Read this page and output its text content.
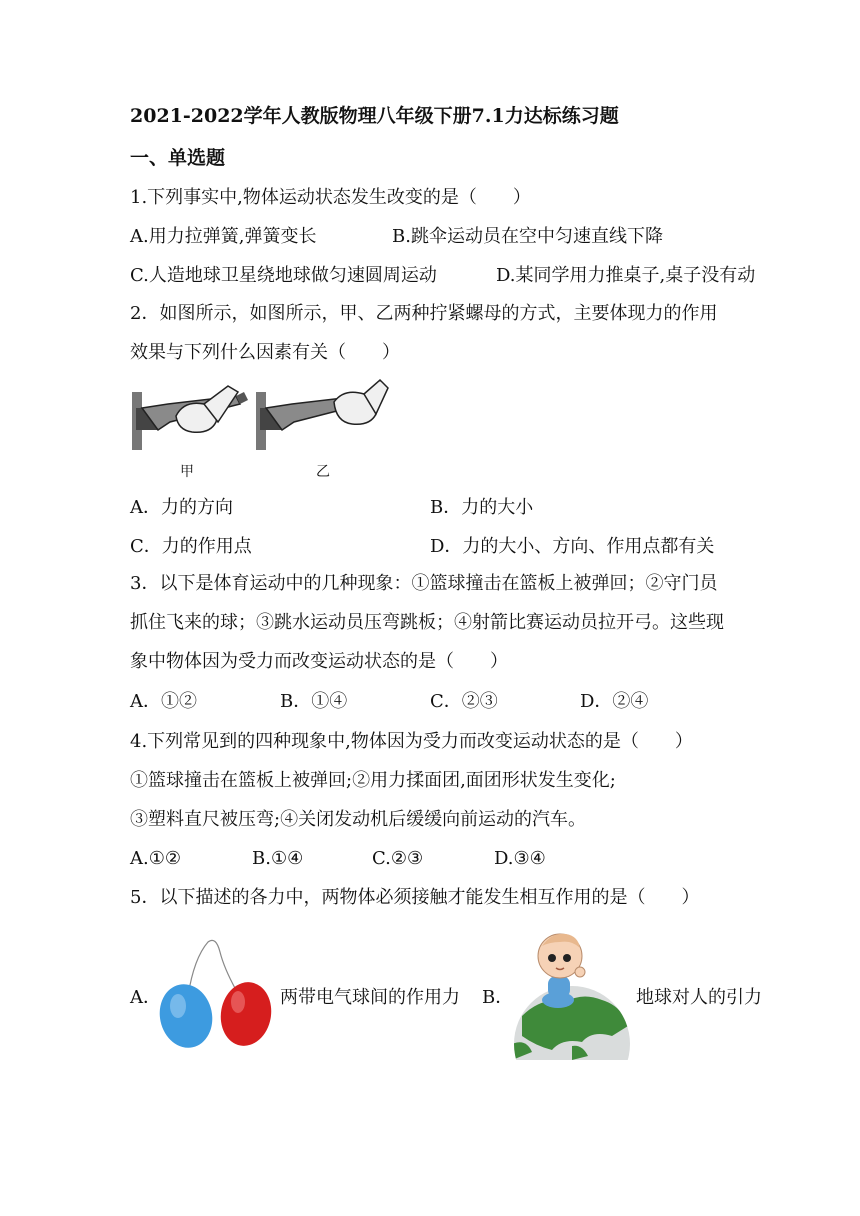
2021-2022学年人教版物理八年级下册7.1力达标练习题
一、单选题
1.下列事实中,物体运动状态发生改变的是（　　）
A.用力拉弹簧,弹簧变长	B.跳伞运动员在空中匀速直线下降
C.人造地球卫星绕地球做匀速圆周运动	D.某同学用力推桌子,桌子没有动
2．如图所示，如图所示，甲、乙两种拧紧螺母的方式，主要体现力的作用
效果与下列什么因素有关（　　）
甲	乙
A．力的方向	B．力的大小
C．力的作用点	D．力的大小、方向、作用点都有关
3．以下是体育运动中的几种现象：①篮球撞击在篮板上被弹回；②守门员
抓住飞来的球；③跳水运动员压弯跳板；④射箭比赛运动员拉开弓。这些现
象中物体因为受力而改变运动状态的是（　　）
A．①②	B．①④	C．②③	D．②④
4.下列常见到的四种现象中,物体因为受力而改变运动状态的是（　　）
①篮球撞击在篮板上被弹回;②用力揉面团,面团形状发生变化;
③塑料直尺被压弯;④关闭发动机后缓缓向前运动的汽车。
A.①②	B.①④	C.②③	D.③④
5．以下描述的各力中，两物体必须接触才能发生相互作用的是（　　）
A．	两带电气球间的作用力 B．	地球对人的引力
